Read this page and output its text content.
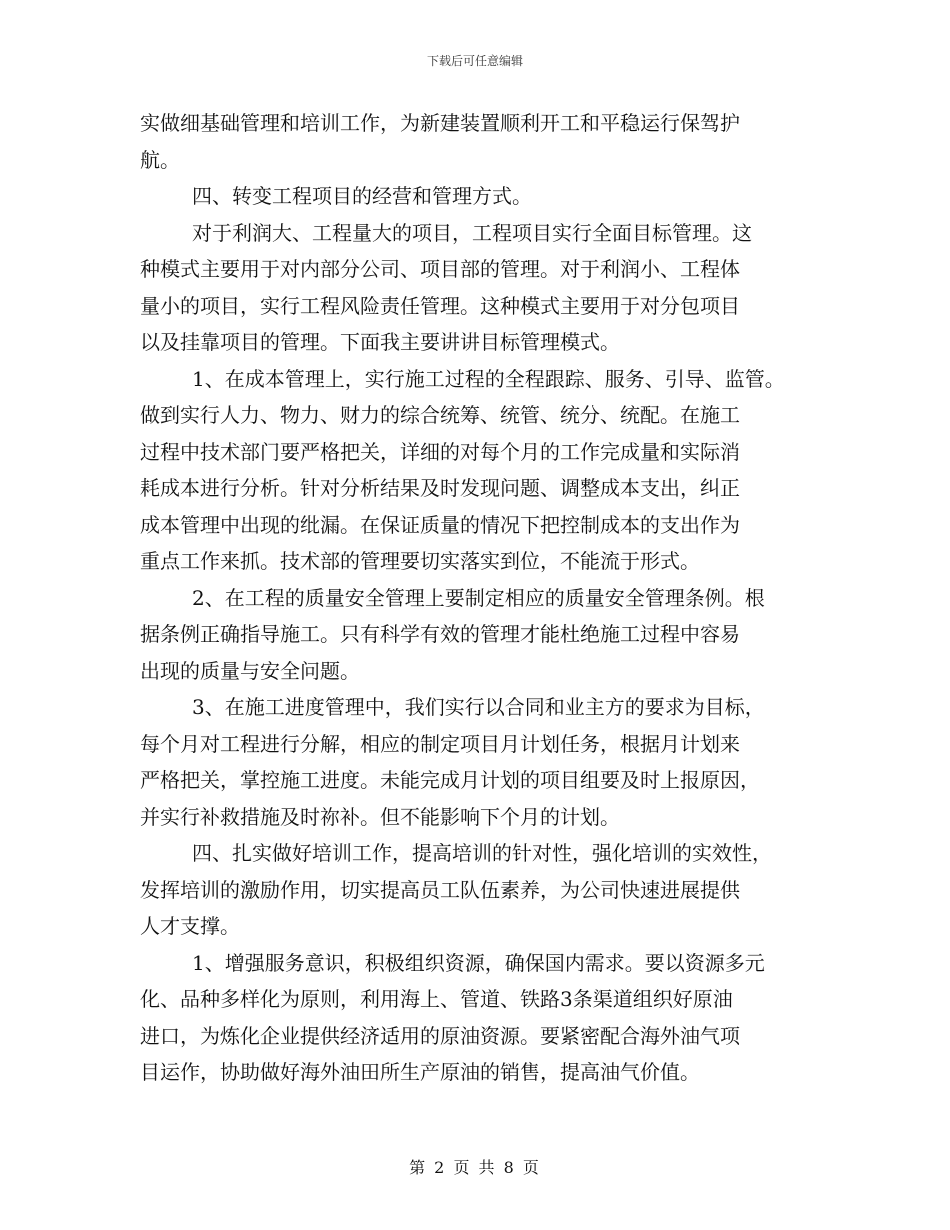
下载后可任意编辑
实做细基础管理和培训工作，为新建装置顺利开工和平稳运行保驾护
航。
四、转变工程项目的经营和管理方式。
对于利润大、工程量大的项目，工程项目实行全面目标管理。这
种模式主要用于对内部分公司、项目部的管理。对于利润小、工程体
量小的项目，实行工程风险责任管理。这种模式主要用于对分包项目
以及挂靠项目的管理。下面我主要讲讲目标管理模式。
1、在成本管理上，实行施工过程的全程跟踪、服务、引导、监管。
做到实行人力、物力、财力的综合统筹、统管、统分、统配。在施工
过程中技术部门要严格把关，详细的对每个月的工作完成量和实际消
耗成本进行分析。针对分析结果及时发现问题、调整成本支出，纠正
成本管理中出现的纰漏。在保证质量的情况下把控制成本的支出作为
重点工作来抓。技术部的管理要切实落实到位，不能流于形式。
2、在工程的质量安全管理上要制定相应的质量安全管理条例。根
据条例正确指导施工。只有科学有效的管理才能杜绝施工过程中容易
出现的质量与安全问题。
3、在施工进度管理中，我们实行以合同和业主方的要求为目标，
每个月对工程进行分解，相应的制定项目月计划任务，根据月计划来
严格把关，掌控施工进度。未能完成月计划的项目组要及时上报原因，
并实行补救措施及时祢补。但不能影响下个月的计划。
四、扎实做好培训工作，提高培训的针对性，强化培训的实效性，
发挥培训的激励作用，切实提高员工队伍素养，为公司快速进展提供
人才支撑。
1、增强服务意识，积极组织资源，确保国内需求。要以资源多元
化、品种多样化为原则，利用海上、管道、铁路3条渠道组织好原油
进口，为炼化企业提供经济适用的原油资源。要紧密配合海外油气项
目运作，协助做好海外油田所生产原油的销售，提高油气价值。
第 2 页 共 8 页
